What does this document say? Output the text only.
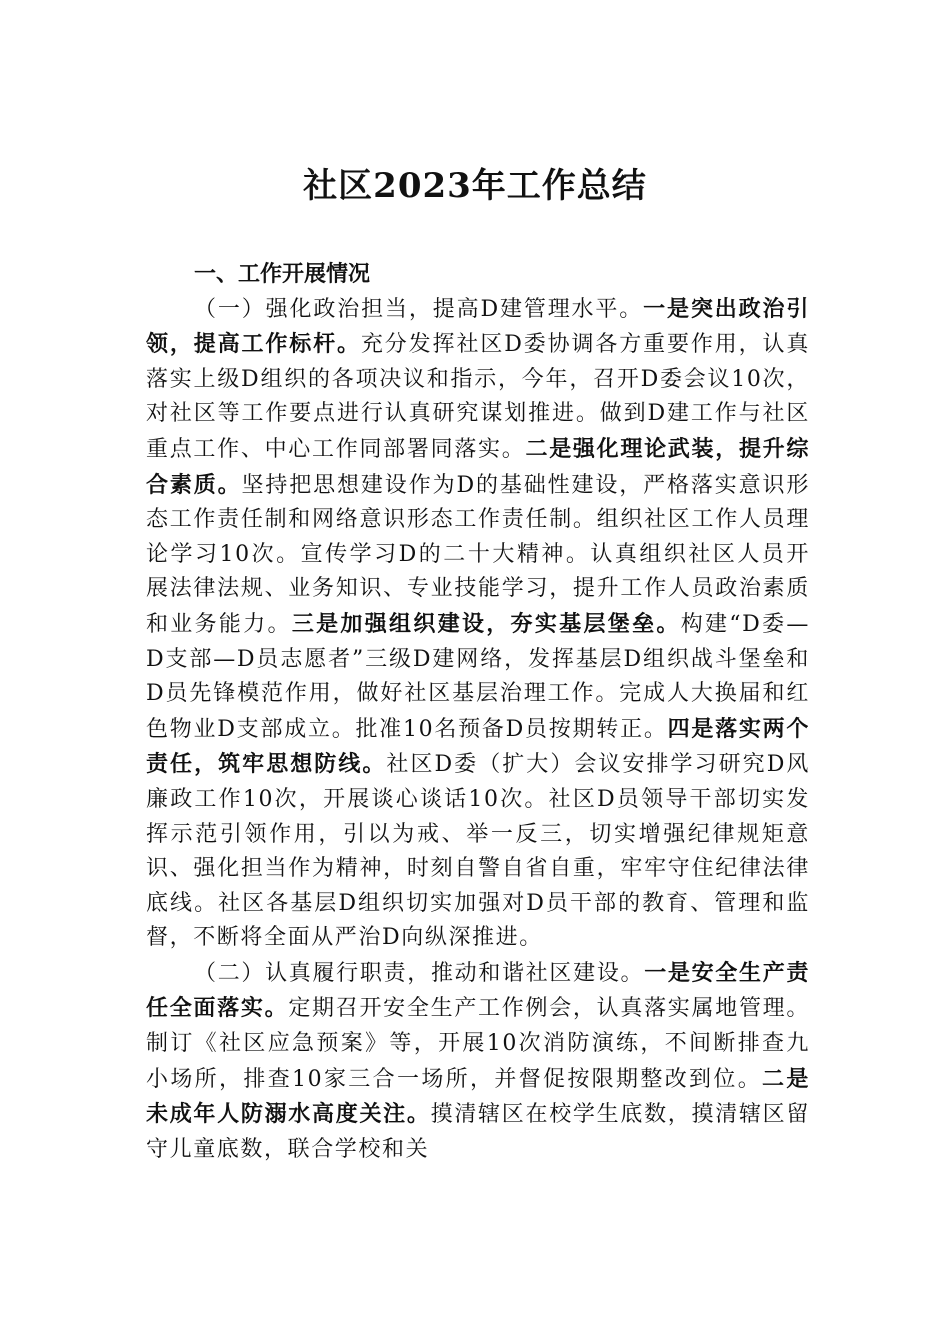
社区2023年工作总结

一、工作开展情况

（一）强化政治担当，提高D建管理水平。一是突出政治引领，提高工作标杆。充分发挥社区D委协调各方重要作用，认真落实上级D组织的各项决议和指示，今年，召开D委会议10次，对社区等工作要点进行认真研究谋划推进。做到D建工作与社区重点工作、中心工作同部署同落实。二是强化理论武装，提升综合素质。坚持把思想建设作为D的基础性建设，严格落实意识形态工作责任制和网络意识形态工作责任制。组织社区工作人员理论学习10次。宣传学习D的二十大精神。认真组织社区人员开展法律法规、业务知识、专业技能学习，提升工作人员政治素质和业务能力。三是加强组织建设，夯实基层堡垒。构建“D委—D支部—D员志愿者”三级D建网络，发挥基层D组织战斗堡垒和D员先锋模范作用，做好社区基层治理工作。完成人大换届和红色物业D支部成立。批准10名预备D员按期转正。四是落实两个责任，筑牢思想防线。社区D委（扩大）会议安排学习研究D风廉政工作10次，开展谈心谈话10次。社区D员领导干部切实发挥示范引领作用，引以为戒、举一反三，切实增强纪律规矩意识、强化担当作为精神，时刻自警自省自重，牢牢守住纪律法律底线。社区各基层D组织切实加强对D员干部的教育、管理和监督，不断将全面从严治D向纵深推进。

（二）认真履行职责，推动和谐社区建设。一是安全生产责任全面落实。定期召开安全生产工作例会，认真落实属地管理。制订《社区应急预案》等，开展10次消防演练，不间断排查九小场所，排查10家三合一场所，并督促按限期整改到位。二是未成年人防溺水高度关注。摸清辖区在校学生底数，摸清辖区留守儿童底数，联合学校和关
